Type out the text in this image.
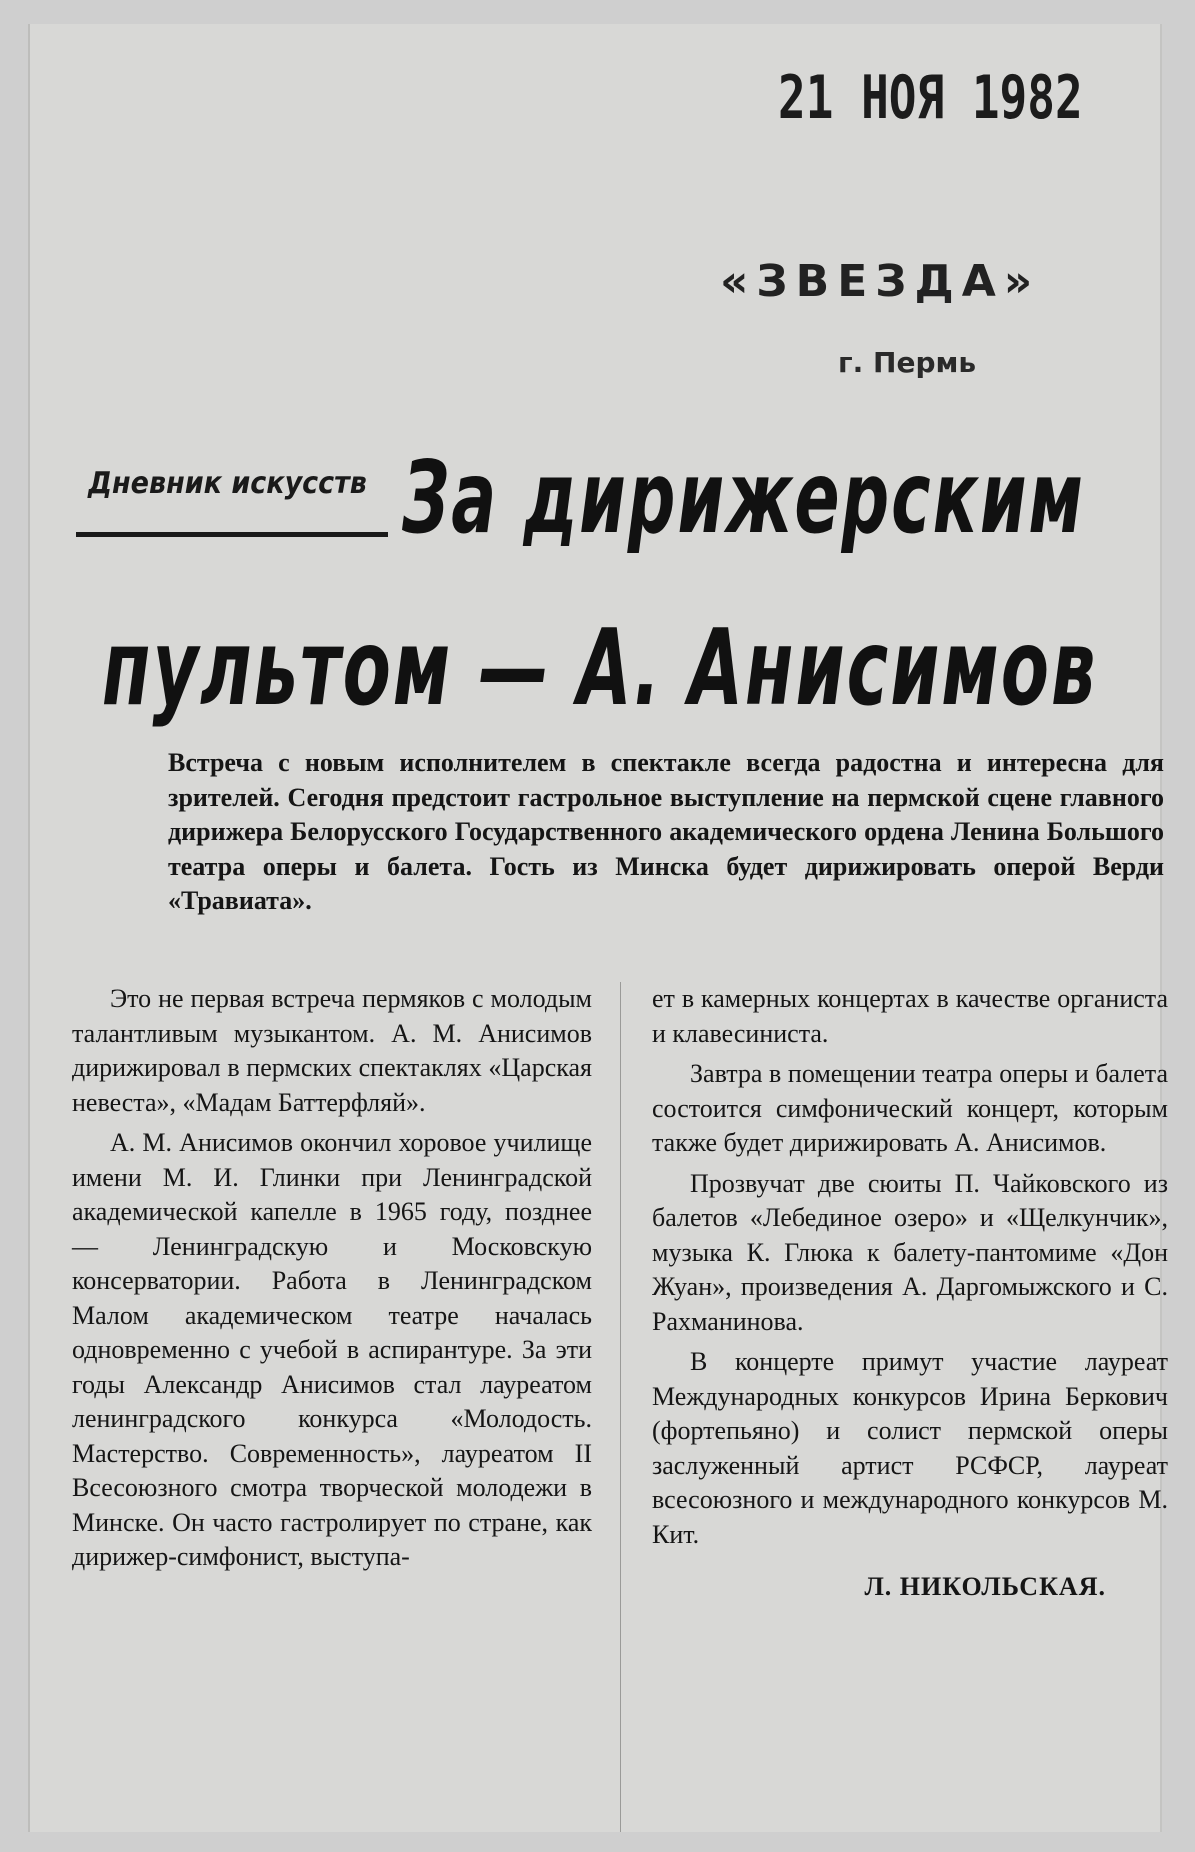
21 НОЯ 1982
«ЗВЕЗДА»
г. Пермь
Дневник искусств За дирижерским
пультом — А. Анисимов
Встреча с новым исполнителем в спектакле всегда радостна и интересна для зрителей. Сегодня предстоит гастрольное выступление на пермской сцене главного дирижера Белорусского Государственного академического ордена Ленина Большого театра оперы и балета. Гость из Минска будет дирижировать оперой Верди «Травиата».

Это не первая встреча пермяков с молодым талантливым музыкантом. А. М. Анисимов дирижировал в пермских спектаклях «Царская невеста», «Мадам Баттерфляй».

А. М. Анисимов окончил хоровое училище имени М. И. Глинки при Ленинградской академической капелле в 1965 году, позднее — Ленинградскую и Московскую консерватории. Работа в Ленинградском Малом академическом театре началась одновременно с учебой в аспирантуре. За эти годы Александр Анисимов стал лауреатом ленинградского конкурса «Молодость. Мастерство. Современность», лауреатом II Всесоюзного смотра творческой молодежи в Минске. Он часто гастролирует по стране, как дирижер-симфонист, выступа-

ет в камерных концертах в качестве органиста и клавесиниста.

Завтра в помещении театра оперы и балета состоится симфонический концерт, которым также будет дирижировать А. Анисимов.

Прозвучат две сюиты П. Чайковского из балетов «Лебединое озеро» и «Щелкунчик», музыка К. Глюка к балету-пантомиме «Дон Жуан», произведения А. Даргомыжского и С. Рахманинова.

В концерте примут участие лауреат Международных конкурсов Ирина Беркович (фортепьяно) и солист пермской оперы заслуженный артист РСФСР, лауреат всесоюзного и международного конкурсов М. Кит.

Л. НИКОЛЬСКАЯ.
